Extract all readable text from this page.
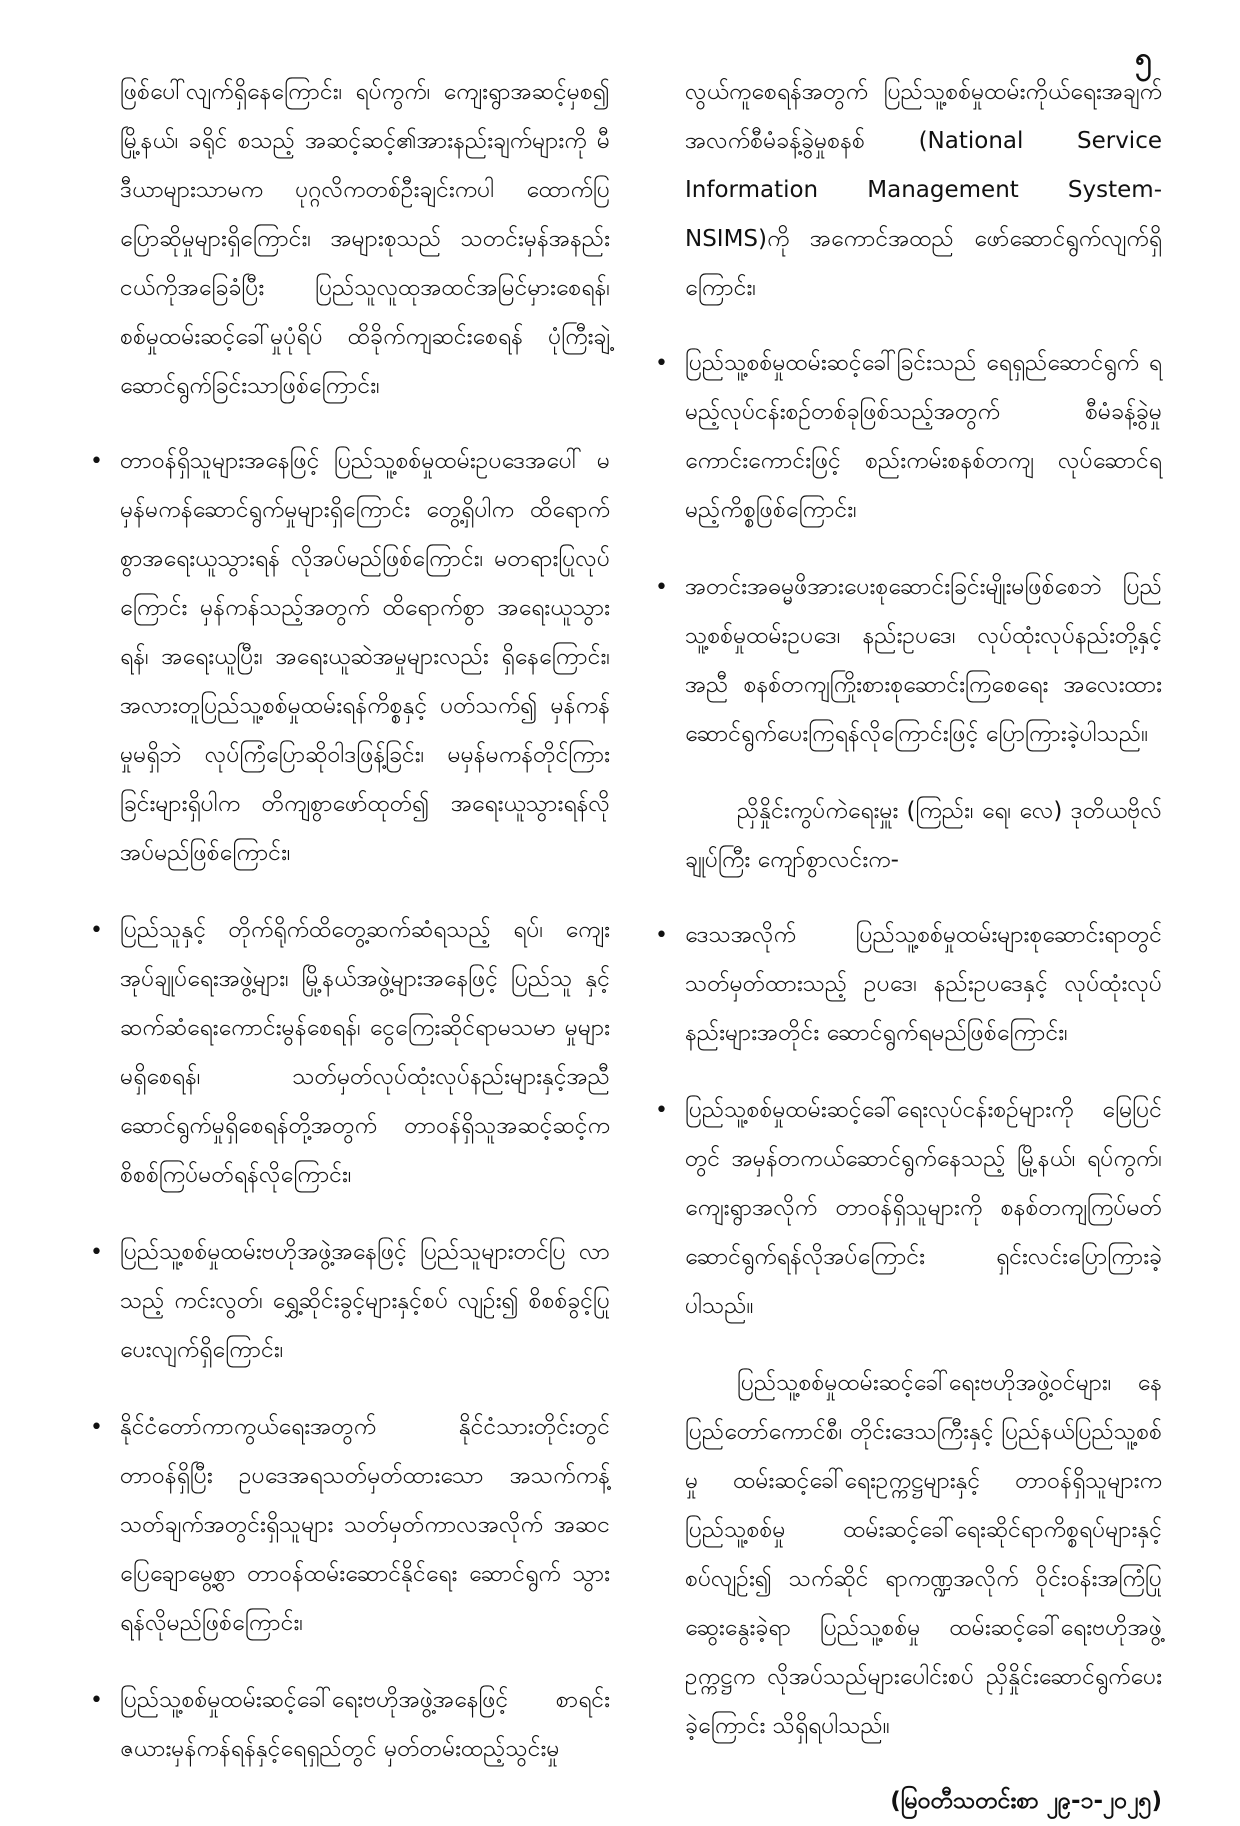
၅

ဖြစ်ပေါ်လျက်ရှိနေကြောင်း၊ ရပ်ကွက်၊ ကျေးရွာအဆင့်မှစ၍ မြို့နယ်၊ ခရိုင် စသည့် အဆင့်ဆင့်၏အားနည်းချက်များကို မီဒီယာများသာမက ပုဂ္ဂလိကတစ်ဦးချင်းကပါ ထောက်ပြ ပြောဆိုမှုများရှိကြောင်း၊ အများစုသည် သတင်းမှန်အနည်း ငယ်ကိုအခြေခံပြီး ပြည်သူလူထုအထင်အမြင်မှားစေရန်၊ စစ်မှုထမ်းဆင့်ခေါ်မှုပုံရိပ် ထိခိုက်ကျဆင်းစေရန် ပုံကြီးချဲ့ ဆောင်ရွက်ခြင်းသာဖြစ်ကြောင်း၊

• တာဝန်ရှိသူများအနေဖြင့် ပြည်သူ့စစ်မှုထမ်းဥပဒေအပေါ် မမှန်မကန်ဆောင်ရွက်မှုများရှိကြောင်း တွေ့ရှိပါက ထိရောက်စွာအရေးယူသွားရန် လိုအပ်မည်ဖြစ်ကြောင်း၊ မတရားပြုလုပ်ကြောင်း မှန်ကန်သည့်အတွက် ထိရောက်စွာ အရေးယူသွားရန်၊ အရေးယူပြီး၊ အရေးယူဆဲအမှုများလည်း ရှိနေကြောင်း၊ အလားတူပြည်သူ့စစ်မှုထမ်းရန်ကိစ္စနှင့် ပတ်သက်၍ မှန်ကန်မှုမရှိဘဲ လုပ်ကြံပြောဆိုဝါဒဖြန့်ခြင်း၊ မမှန်မကန်တိုင်ကြားခြင်းများရှိပါက တိကျစွာဖော်ထုတ်၍ အရေးယူသွားရန်လိုအပ်မည်ဖြစ်ကြောင်း၊
• ပြည်သူနှင့် တိုက်ရိုက်ထိတွေ့ဆက်ဆံရသည့် ရပ်၊ ကျေး အုပ်ချုပ်ရေးအဖွဲ့များ၊ မြို့နယ်အဖွဲ့များအနေဖြင့် ပြည်သူ နှင့်ဆက်ဆံရေးကောင်းမွန်စေရန်၊ ငွေကြေးဆိုင်ရာမသမာ မှုများမရှိစေရန်၊ သတ်မှတ်လုပ်ထုံးလုပ်နည်းများနှင့်အညီ ဆောင်ရွက်မှုရှိစေရန်တို့အတွက် တာဝန်ရှိသူအဆင့်ဆင့်က စိစစ်ကြပ်မတ်ရန်လိုကြောင်း၊
• ပြည်သူ့စစ်မှုထမ်းဗဟိုအဖွဲ့အနေဖြင့် ပြည်သူများတင်ပြ လာသည့် ကင်းလွတ်၊ ရွှေ့ဆိုင်းခွင့်များနှင့်စပ် လျဉ်း၍ စိစစ်ခွင့်ပြုပေးလျက်ရှိကြောင်း၊
• နိုင်ငံတော်ကာကွယ်ရေးအတွက် နိုင်ငံသားတိုင်းတွင် တာဝန်ရှိပြီး ဥပဒေအရသတ်မှတ်ထားသော အသက်ကန့် သတ်ချက်အတွင်းရှိသူများ သတ်မှတ်ကာလအလိုက် အဆင ပြေချောမွေ့စွာ တာဝန်ထမ်းဆောင်နိုင်ရေး ဆောင်ရွက် သွားရန်လိုမည်ဖြစ်ကြောင်း၊
• ပြည်သူ့စစ်မှုထမ်းဆင့်ခေါ်ရေးဗဟိုအဖွဲ့အနေဖြင့် စာရင်း ဇယားမှန်ကန်ရန်နှင့်ရေရှည်တွင် မှတ်တမ်းထည့်သွင်းမှု

လွယ်ကူစေရန်အတွက် ပြည်သူ့စစ်မှုထမ်းကိုယ်ရေးအချက် အလက်စီမံခန့်ခွဲမှုစနစ် (National Service Information Management System-NSIMS)ကို အကောင်အထည် ဖော်ဆောင်ရွက်လျက်ရှိကြောင်း၊

• ပြည်သူ့စစ်မှုထမ်းဆင့်ခေါ်ခြင်းသည် ရေရှည်ဆောင်ရွက် ရမည့်လုပ်ငန်းစဉ်တစ်ခုဖြစ်သည့်အတွက် စီမံခန့်ခွဲမှု ကောင်းကောင်းဖြင့် စည်းကမ်းစနစ်တကျ လုပ်ဆောင်ရ မည့်ကိစ္စဖြစ်ကြောင်း၊
• အတင်းအဓမ္မဖိအားပေးစုဆောင်းခြင်းမျိုးမဖြစ်စေဘဲ ပြည် သူ့စစ်မှုထမ်းဥပဒေ၊ နည်းဥပဒေ၊ လုပ်ထုံးလုပ်နည်းတို့နှင့် အညီ စနစ်တကျကြိုးစားစုဆောင်းကြစေရေး အလေးထား ဆောင်ရွက်ပေးကြရန်လိုကြောင်းဖြင့် ပြောကြားခဲ့ပါသည်။

ညှိနှိုင်းကွပ်ကဲရေးမှူး (ကြည်း၊ ရေ၊ လေ) ဒုတိယဗိုလ် ချုပ်ကြီး ကျော်စွာလင်းက-

• ဒေသအလိုက် ပြည်သူ့စစ်မှုထမ်းများစုဆောင်းရာတွင် သတ်မှတ်ထားသည့် ဥပဒေ၊ နည်းဥပဒေနှင့် လုပ်ထုံးလုပ် နည်းများအတိုင်း ဆောင်ရွက်ရမည်ဖြစ်ကြောင်း၊
• ပြည်သူ့စစ်မှုထမ်းဆင့်ခေါ်ရေးလုပ်ငန်းစဉ်များကို မြေပြင် တွင် အမှန်တကယ်ဆောင်ရွက်နေသည့် မြို့နယ်၊ ရပ်ကွက်၊ ကျေးရွာအလိုက် တာဝန်ရှိသူများကို စနစ်တကျကြပ်မတ် ဆောင်ရွက်ရန်လိုအပ်ကြောင်း ရှင်းလင်းပြောကြားခဲ့ပါသည်။

ပြည်သူ့စစ်မှုထမ်းဆင့်ခေါ်ရေးဗဟိုအဖွဲ့ဝင်များ၊ နေ ပြည်တော်ကောင်စီ၊ တိုင်းဒေသကြီးနှင့် ပြည်နယ်ပြည်သူ့စစ်မှု ထမ်းဆင့်ခေါ်ရေးဥက္ကဋ္ဌများနှင့် တာဝန်ရှိသူများက ပြည်သူ့စစ်မှု ထမ်းဆင့်ခေါ်ရေးဆိုင်ရာကိစ္စရပ်များနှင့်စပ်လျဉ်း၍ သက်ဆိုင် ရာကဏ္ဍအလိုက် ဝိုင်းဝန်းအကြံပြုဆွေးနွေးခဲ့ရာ ပြည်သူ့စစ်မှု ထမ်းဆင့်ခေါ်ရေးဗဟိုအဖွဲ့ဥက္ကဋ္ဌက လိုအပ်သည်များပေါင်းစပ် ညှိနှိုင်းဆောင်ရွက်ပေးခဲ့ကြောင်း သိရှိရပါသည်။

(မြဝတီသတင်းစာ ၂၉-၁-၂၀၂၅)
